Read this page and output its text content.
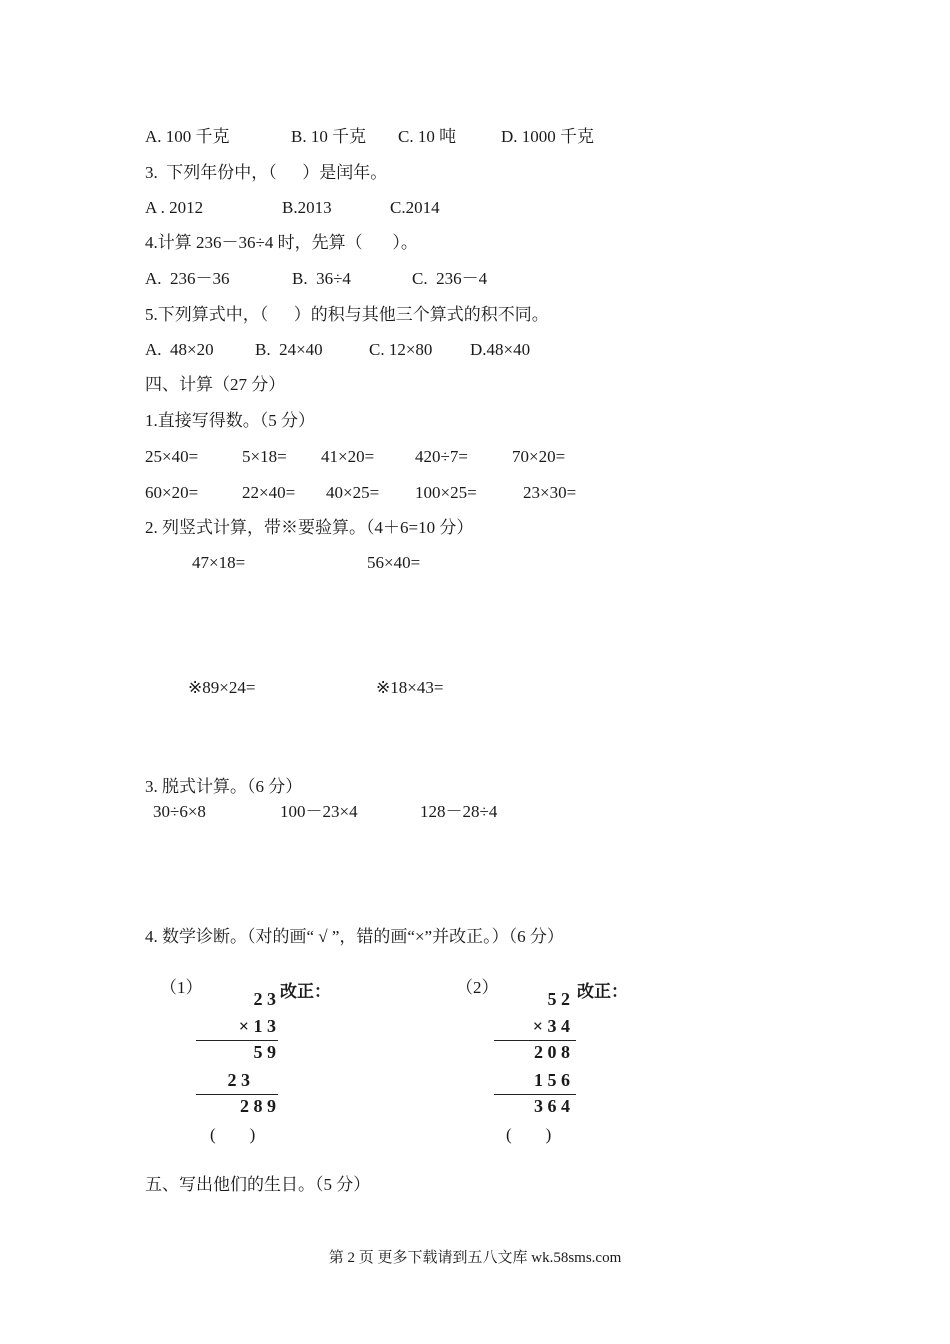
A. 100 千克	B. 10 千克 C. 10 吨	D. 1000 千克
3.  下列年份中，（      ）是闰年。
A . 2012	B.2013	C.2014
4.计算 236－36÷4 时，先算（       ）。
A.  236－36	B.  36÷4	C.  236－4
5.下列算式中，（      ）的积与其他三个算式的积不同。
A.  48×20 B.  24×40	C. 12×80 D.48×40
四、计算（27 分）
1.直接写得数。（5 分）
25×40=	5×18= 41×20= 420÷7=	70×20=
60×20=	22×40= 40×25= 100×25=	23×30=
2. 列竖式计算，带※要验算。（4＋6=10 分）
47×18=	56×40=
※89×24=	※18×43=
3. 脱式计算。（6 分）
30÷6×8	100－23×4	128－28÷4
4. 数学诊断。（对的画“ √ ”，错的画“×”并改正。）（6 分）
（1）	改正：
2 3
× 1 3
5 9
2 3
2 8 9
(        )
（2）	改正：
5 2
× 3 4
2 0 8
1 5 6
3 6 4
(        )
五、写出他们的生日。（5 分）
第 2 页 更多下载请到五八文库 wk.58sms.com
